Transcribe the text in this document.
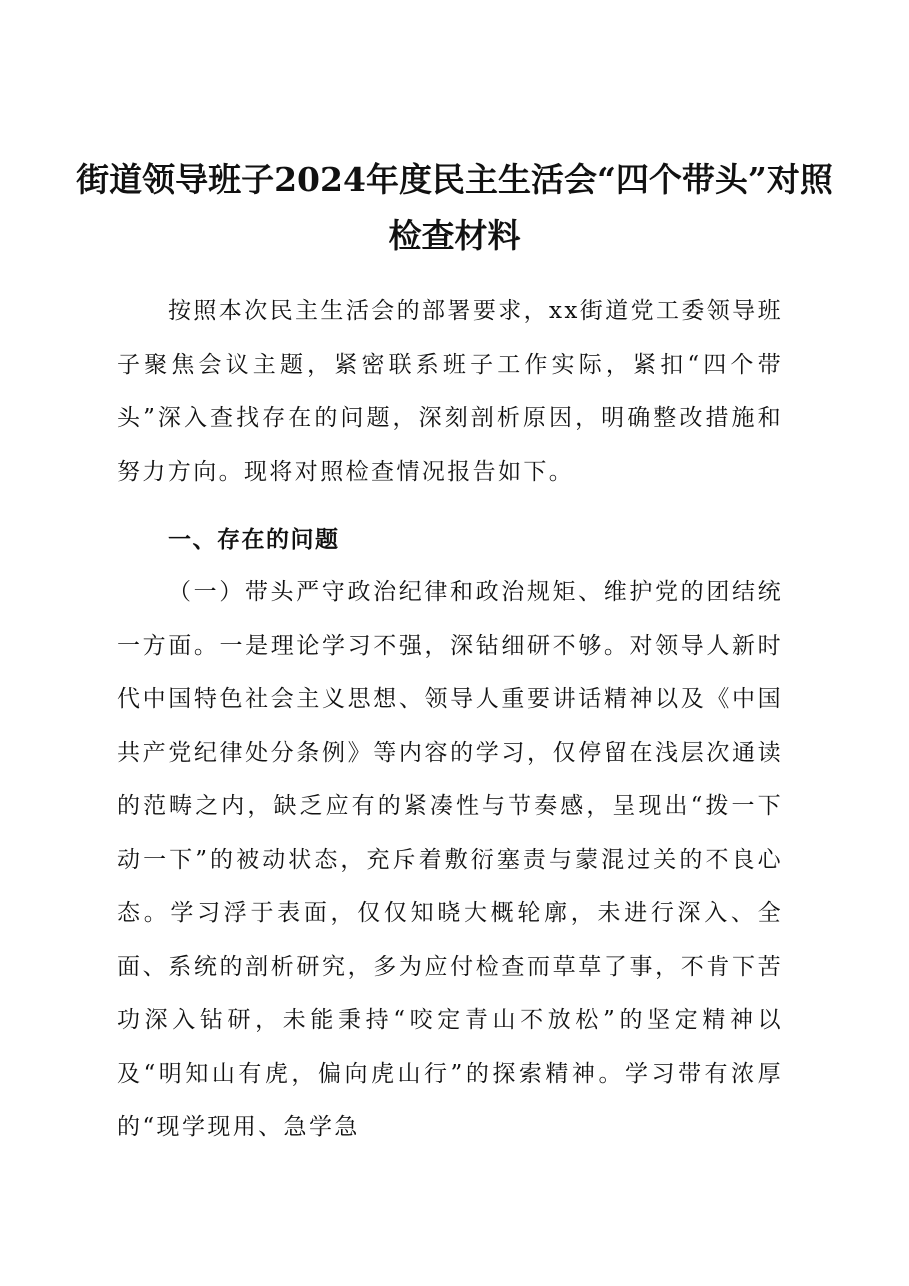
街道领导班子2024年度民主生活会“四个带头”对照检查材料

按照本次民主生活会的部署要求，xx街道党工委领导班子聚焦会议主题，紧密联系班子工作实际，紧扣“四个带头”深入查找存在的问题，深刻剖析原因，明确整改措施和努力方向。现将对照检查情况报告如下。

一、存在的问题

（一）带头严守政治纪律和政治规矩、维护党的团结统一方面。一是理论学习不强，深钻细研不够。对领导人新时代中国特色社会主义思想、领导人重要讲话精神以及《中国共产党纪律处分条例》等内容的学习，仅停留在浅层次通读的范畴之内，缺乏应有的紧凑性与节奏感，呈现出“拨一下动一下”的被动状态，充斥着敷衍塞责与蒙混过关的不良心态。学习浮于表面，仅仅知晓大概轮廓，未进行深入、全面、系统的剖析研究，多为应付检查而草草了事，不肯下苦功深入钻研，未能秉持“咬定青山不放松”的坚定精神以及“明知山有虎，偏向虎山行”的探索精神。学习带有浓厚的“现学现用、急学急
